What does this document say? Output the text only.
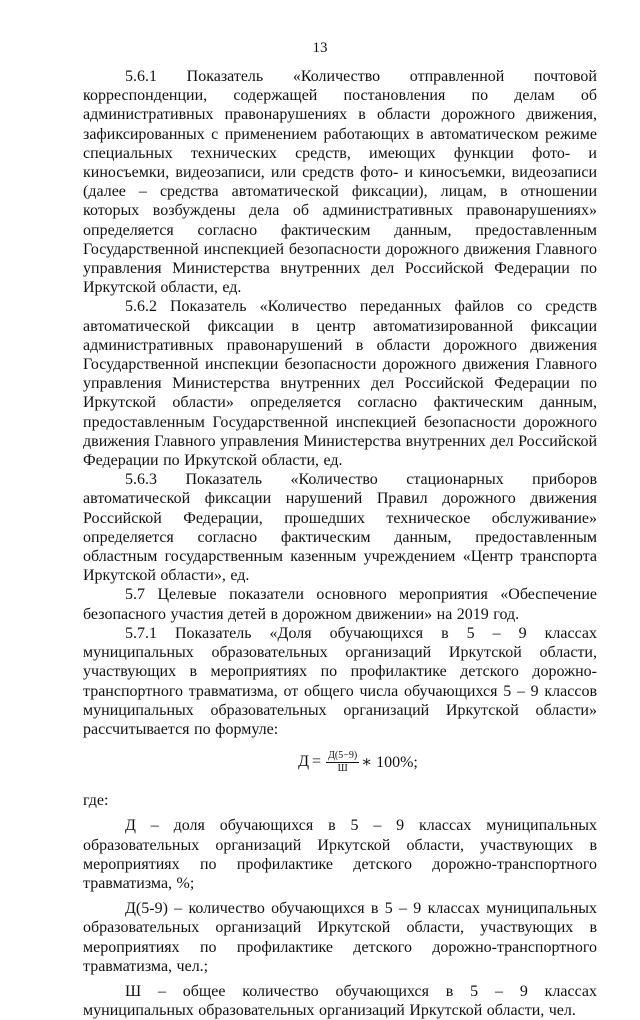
13

5.6.1 Показатель «Количество отправленной почтовой корреспонденции, содержащей постановления по делам об административных правонарушениях в области дорожного движения, зафиксированных с применением работающих в автоматическом режиме специальных технических средств, имеющих функции фото- и киносъемки, видеозаписи, или средств фото- и киносъемки, видеозаписи (далее – средства автоматической фиксации), лицам, в отношении которых возбуждены дела об административных правонарушениях» определяется согласно фактическим данным, предоставленным Государственной инспекцией безопасности дорожного движения Главного управления Министерства внутренних дел Российской Федерации по Иркутской области, ед.

5.6.2 Показатель «Количество переданных файлов со средств автоматической фиксации в центр автоматизированной фиксации административных правонарушений в области дорожного движения Государственной инспекции безопасности дорожного движения Главного управления Министерства внутренних дел Российской Федерации по Иркутской области» определяется согласно фактическим данным, предоставленным Государственной инспекцией безопасности дорожного движения Главного управления Министерства внутренних дел Российской Федерации по Иркутской области, ед.

5.6.3 Показатель «Количество стационарных приборов автоматической фиксации нарушений Правил дорожного движения Российской Федерации, прошедших техническое обслуживание» определяется согласно фактическим данным, предоставленным областным государственным казенным учреждением «Центр транспорта Иркутской области», ед.

5.7 Целевые показатели основного мероприятия «Обеспечение безопасного участия детей в дорожном движении» на 2019 год.

5.7.1 Показатель «Доля обучающихся в 5 – 9 классах муниципальных образовательных организаций Иркутской области, участвующих в мероприятиях по профилактике детского дорожно-транспортного травматизма, от общего числа обучающихся 5 – 9 классов муниципальных образовательных организаций Иркутской области» рассчитывается по формуле:

$Д = \frac{Д(5-9)}{Ш}$ ∗ 100%;

где:

Д – доля обучающихся в 5 – 9 классах муниципальных образовательных организаций Иркутской области, участвующих в мероприятиях по профилактике детского дорожно-транспортного травматизма, %;

Д(5-9) – количество обучающихся в 5 – 9 классах муниципальных образовательных организаций Иркутской области, участвующих в мероприятиях по профилактике детского дорожно-транспортного травматизма, чел.;

Ш – общее количество обучающихся в 5 – 9 классах муниципальных образовательных организаций Иркутской области, чел.
